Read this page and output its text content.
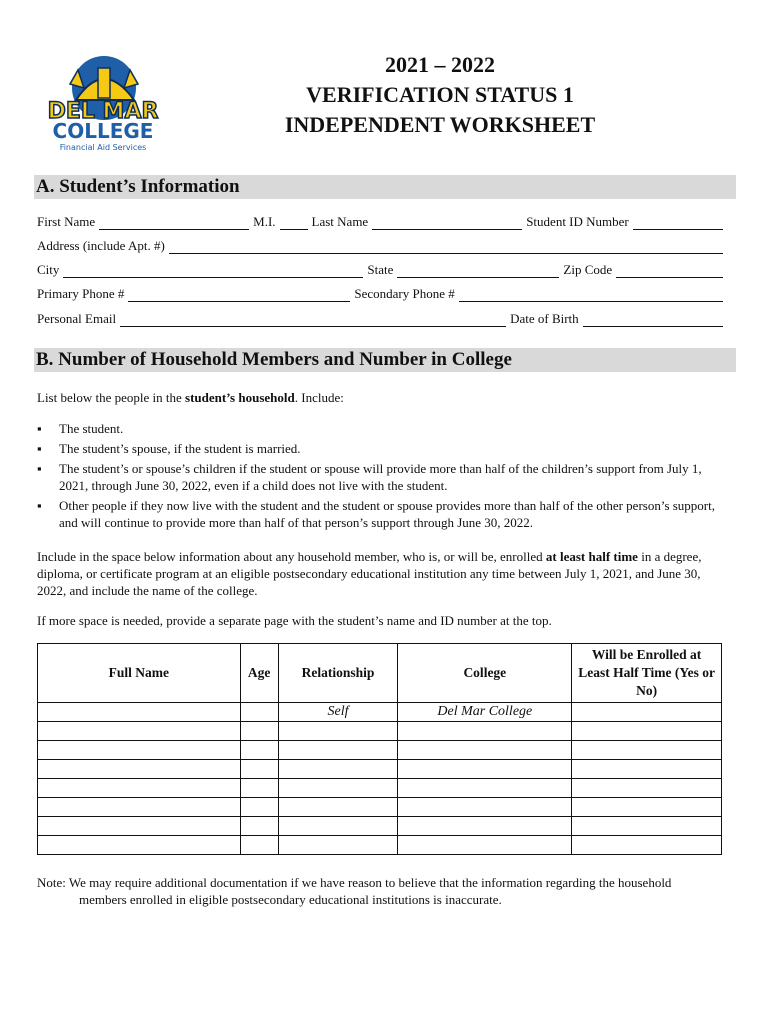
DEL MAR
COLLEGE
Financial Aid Services
2021 – 2022
VERIFICATION STATUS 1
INDEPENDENT WORKSHEET
A. Student’s Information
First Name	M.I.	Last Name	Student ID Number
Address (include Apt. #)
City	State	Zip Code
Primary Phone #	Secondary Phone #
Personal Email	Date of Birth
B. Number of Household Members and Number in College
List below the people in the student’s household. Include:
▪ The student.
▪ The student’s spouse, if the student is married.
▪ The student’s or spouse’s children if the student or spouse will provide more than half of the children’s support from July 1, 2021, through June 30, 2022, even if a child does not live with the student.
▪ Other people if they now live with the student and the student or spouse provides more than half of the other person’s support, and will continue to provide more than half of that person’s support through June 30, 2022.
Include in the space below information about any household member, who is, or will be, enrolled at least half time in a degree, diploma, or certificate program at an eligible postsecondary educational institution any time between July 1, 2021, and June 30, 2022, and include the name of the college.
If more space is needed, provide a separate page with the student’s name and ID number at the top.
Full Name	Age	Relationship	College	Will be Enrolled at Least Half Time (Yes or No)
		Self	Del Mar College	

Note: We may require additional documentation if we have reason to believe that the information regarding the household
members enrolled in eligible postsecondary educational institutions is inaccurate.
